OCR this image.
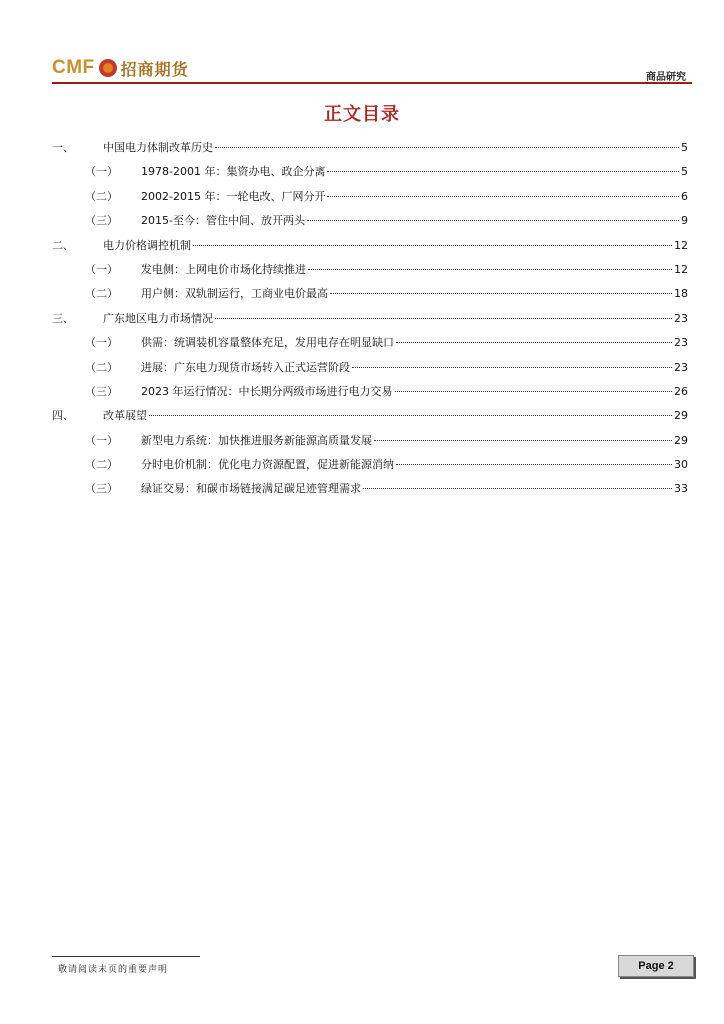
CMF 招商期货	商品研究
正文目录
一、	中国电力体制改革历史	5
（一） 1978-2001 年：集资办电、政企分离	5
（二） 2002-2015 年：一轮电改、厂网分开	6
（三） 2015-至今：管住中间、放开两头	9
二、	电力价格调控机制	12
（一） 发电侧：上网电价市场化持续推进	12
（二） 用户侧：双轨制运行，工商业电价最高	18
三、	广东地区电力市场情况	23
（一） 供需：统调装机容量整体充足，发用电存在明显缺口	23
（二） 进展：广东电力现货市场转入正式运营阶段	23
（三） 2023 年运行情况：中长期分两级市场进行电力交易	26
四、	改革展望	29
（一） 新型电力系统：加快推进服务新能源高质量发展	29
（二） 分时电价机制：优化电力资源配置，促进新能源消纳	30
（三） 绿证交易：和碳市场链接满足碳足迹管理需求	33
敬请阅读末页的重要声明	Page 2
